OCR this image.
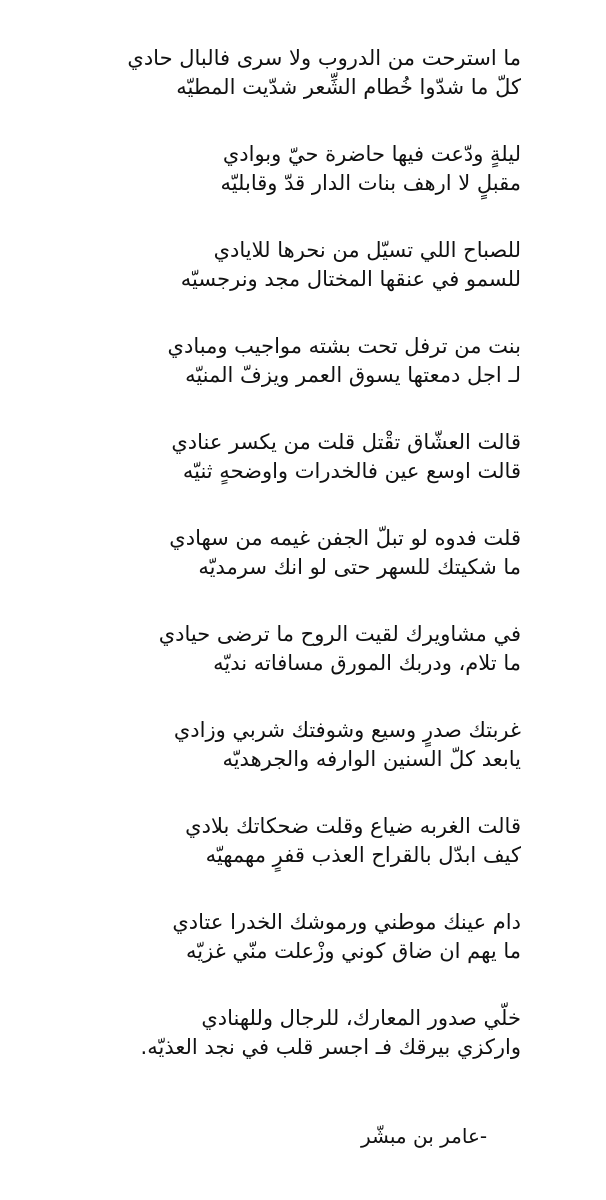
ما استرحت من الدروب ولا سرى فالبال حادي
كلّ ما شدّوا خُطام الشِّعر شدّيت المطيّه
ليلةٍ ودّعت فيها حاضرة حيّ وبوادي
مقبلٍ لا ارهف بنات الدار قدّ وقابليّه
للصباح اللي تسيّل من نحرها للايادي
للسمو في عنقها المختال مجد ونرجسيّه
بنت من ترفل تحت بشته مواجيب ومبادي
لـ اجل دمعتها يسوق العمر ويزفّ المنيّه
قالت العشّاق تقْتل قلت من يكسر عنادي
قالت اوسع عين فالخدرات واوضحهٍ ثنيّه
قلت فدوه لو تبلّ الجفن غيمه من سهادي
ما شكيتك للسهر حتى لو انك سرمديّه
في مشاويرك لقيت الروح ما ترضى حيادي
ما تلام، ودربك المورق مسافاته نديّه
غربتك صدرٍ وسيع وشوفتك شربي وزادي
يابعد كلّ السنين الوارفه والجرهديّه
قالت الغربه ضياع وقلت ضحكاتك بلادي
كيف ابدّل بالقراح العذب قفرٍ مهمهيّه
دام عينك موطني ورموشك الخدرا عتادي
ما يهم ان ضاق كوني وزْعلت منّي غزيّه
خلّي صدور المعارك، للرجال وللهنادي
واركزي بيرقك فـ اجسر قلب في نجد العذيّه.
-عامر بن مبشّر
